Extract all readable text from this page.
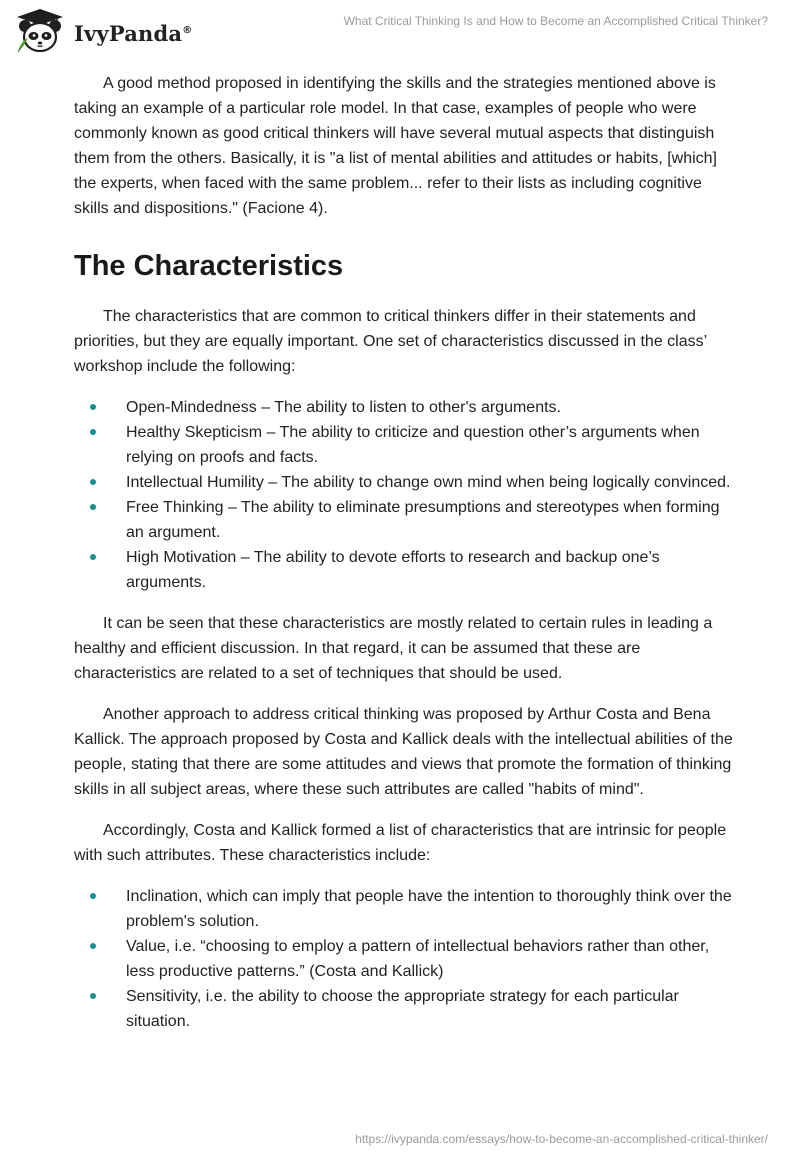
IvyPanda®
What Critical Thinking Is and How to Become an Accomplished Critical Thinker?

A good method proposed in identifying the skills and the strategies mentioned above is taking an example of a particular role model. In that case, examples of people who were commonly known as good critical thinkers will have several mutual aspects that distinguish them from the others. Basically, it is "a list of mental abilities and attitudes or habits, [which] the experts, when faced with the same problem... refer to their lists as including cognitive skills and dispositions." (Facione 4).

The Characteristics

The characteristics that are common to critical thinkers differ in their statements and priorities, but they are equally important. One set of characteristics discussed in the class’ workshop include the following:

Open-Mindedness – The ability to listen to other's arguments.
Healthy Skepticism – The ability to criticize and question other’s arguments when relying on proofs and facts.
Intellectual Humility – The ability to change own mind when being logically convinced.
Free Thinking – The ability to eliminate presumptions and stereotypes when forming an argument.
High Motivation – The ability to devote efforts to research and backup one’s arguments.

It can be seen that these characteristics are mostly related to certain rules in leading a healthy and efficient discussion. In that regard, it can be assumed that these are characteristics are related to a set of techniques that should be used.

Another approach to address critical thinking was proposed by Arthur Costa and Bena Kallick. The approach proposed by Costa and Kallick deals with the intellectual abilities of the people, stating that there are some attitudes and views that promote the formation of thinking skills in all subject areas, where these such attributes are called "habits of mind".

Accordingly, Costa and Kallick formed a list of characteristics that are intrinsic for people with such attributes. These characteristics include:

Inclination, which can imply that people have the intention to thoroughly think over the problem's solution.
Value, i.e. “choosing to employ a pattern of intellectual behaviors rather than other, less productive patterns.” (Costa and Kallick)
Sensitivity, i.e. the ability to choose the appropriate strategy for each particular situation.
https://ivypanda.com/essays/how-to-become-an-accomplished-critical-thinker/
